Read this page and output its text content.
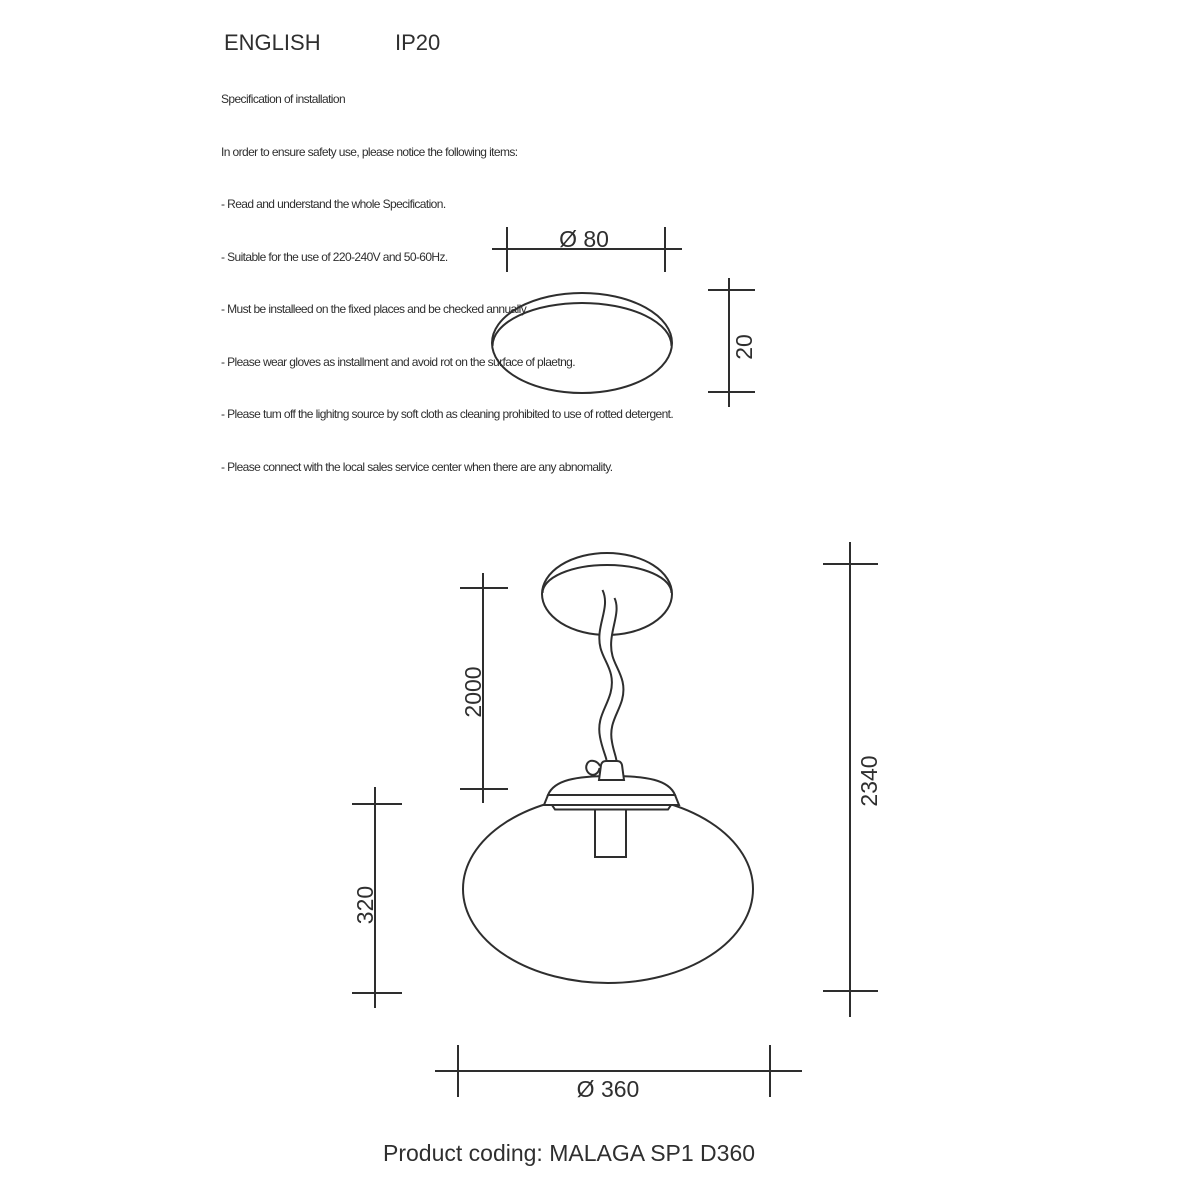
ENGLISH	IP20

Specification of installation

In order to ensure safety use, please notice the following items:

- Read and understand the whole Specification.

- Suitable for the use of 220-240V and 50-60Hz.

- Must be installeed on the fixed places and be checked annually

- Please wear gloves as installment and avoid rot on the surface of plaetng.

- Please tum off the lighitng source by soft cloth as cleaning prohibited to use of rotted detergent.

- Please connect with the local sales service center when there are any abnomality.

Ø 80
20
2000
320
2340
Ø 360
Product coding: MALAGA SP1 D360
